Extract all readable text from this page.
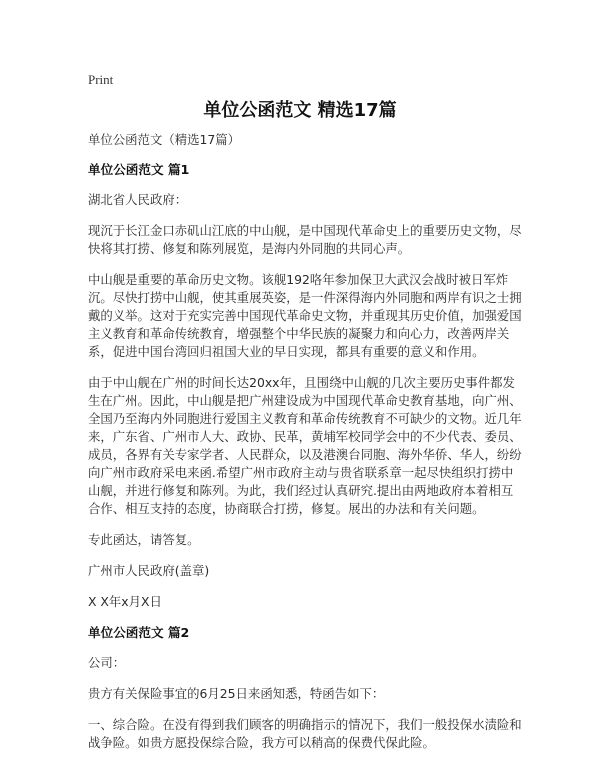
Print
单位公函范文 精选17篇

单位公函范文（精选17篇）

单位公函范文 篇1

湖北省人民政府：

现沉于长江金口赤矶山江底的中山舰，是中国现代革命史上的重要历史文物，尽快将其打捞、修复和陈列展览，是海内外同胞的共同心声。

中山舰是重要的革命历史文物。该舰192咯年参加保卫大武汉会战时被日军炸沉。尽快打捞中山舰，使其重展英姿，是一件深得海内外同胞和两岸有识之士拥戴的义举。这对于充实完善中国现代革命史文物，并重现其历史价值，加强爱国主义教育和革命传统教育，增强整个中华民族的凝聚力和向心力，改善两岸关系，促进中国台湾回归祖国大业的早日实现，都具有重要的意义和作用。

由于中山舰在广州的时间长达20xx年，且围绕中山舰的几次主要历史事件都发生在广州。因此，中山舰是把广州建设成为中国现代革命史教育基地，向广州、全国乃至海内外同胞进行爱国主义教育和革命传统教育不可缺少的文物。近几年来，广东省、广州市人大、政协、民革，黄埔军校同学会中的不少代表、委员、成员，各界有关专家学者、人民群众，以及港澳台同胞、海外华侨、华人，纷纷向广州市政府采电来函.希望广州市政府主动与贵省联系章一起尽快组织打捞中山舰，并进行修复和陈列。为此，我们经过认真研究.提出由两地政府本着相互合作、相互支持的态度，协商联合打捞，修复。展出的办法和有关问题。

专此函达，请答复。

广州市人民政府(盖章)

X X年x月X日

单位公函范文 篇2

公司：

贵方有关保险事宜的6月25日来函知悉，特函告如下：

一、综合险。在没有得到我们顾客的明确指示的情况下，我们一般投保水渍险和战争险。如贵方愿投保综合险，我方可以稍高的保费代保此险。
